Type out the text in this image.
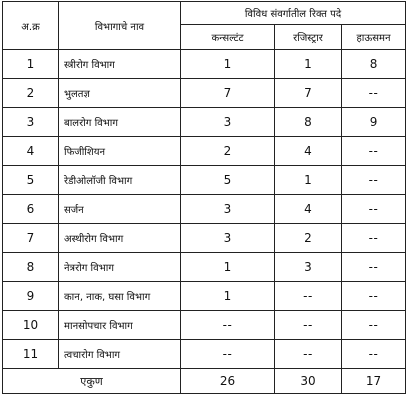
अ.क्र	विभागाचे नाव	विविध संवर्गातील रिक्त पदे		
		कन्सल्टंट	रजिस्ट्रार	हाऊसमन
1	स्त्रीरोग विभाग	1	1	8
2	भुलतज्ञ	7	7	--
3	बालरोग विभाग	3	8	9
4	फिजीशियन	2	4	--
5	रेडीओलॉजी विभाग	5	1	--
6	सर्जन	3	4	--
7	अस्थीरोग विभाग	3	2	--
8	नेत्ररोग विभाग	1	3	--
9	कान, नाक, घसा विभाग	1	--	--
10	मानसोपचार विभाग	--	--	--
11	त्वचारोग विभाग	--	--	--
एकुण		26	30	17
